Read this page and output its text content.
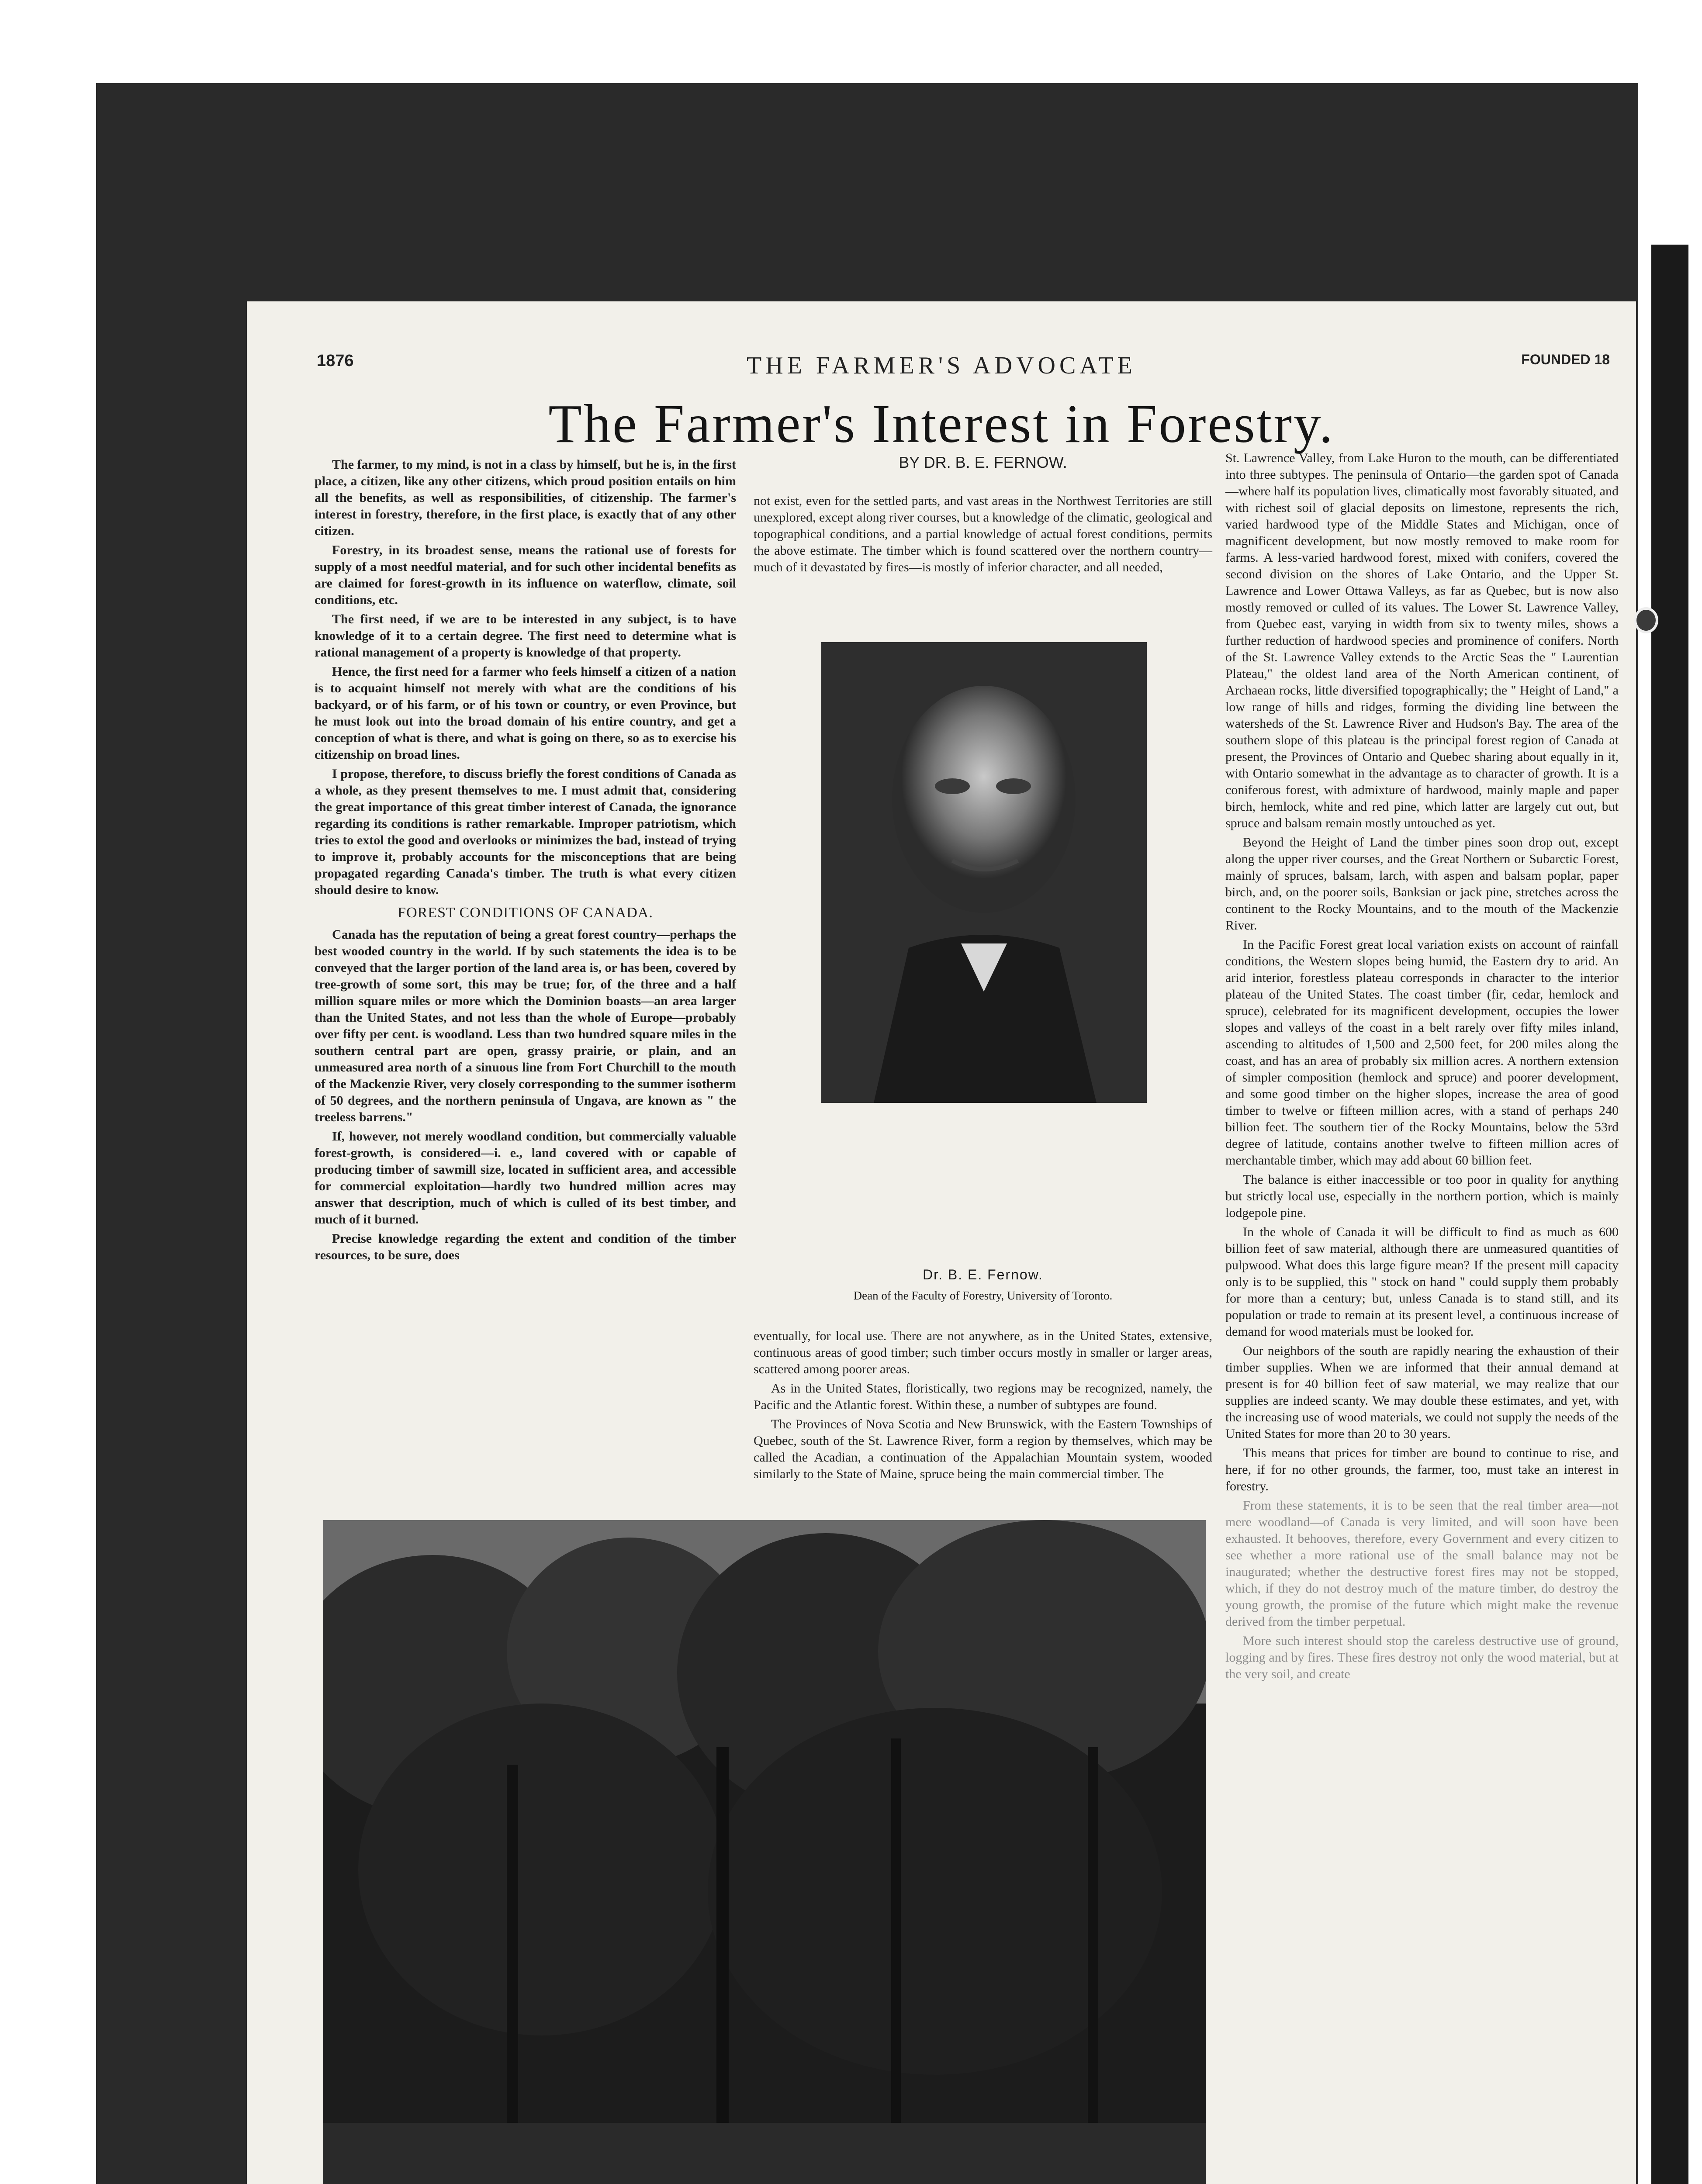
1876	THE FARMER'S ADVOCATE	FOUNDED 18
The Farmer's Interest in Forestry.

The farmer, to my mind, is not in a class by himself, but he is, in the first place, a citizen, like any other citizens, which proud position entails on him all the benefits, as well as responsibilities, of citizenship. The farmer's interest in forestry, therefore, in the first place, is exactly that of any other citizen.

Forestry, in its broadest sense, means the rational use of forests for supply of a most needful material, and for such other incidental benefits as are claimed for forest-growth in its influence on waterflow, climate, soil conditions, etc.

The first need, if we are to be interested in any subject, is to have knowledge of it to a certain degree. The first need to determine what is rational management of a property is knowledge of that property.

Hence, the first need for a farmer who feels himself a citizen of a nation is to acquaint himself not merely with what are the conditions of his backyard, or of his farm, or of his town or country, or even Province, but he must look out into the broad domain of his entire country, and get a conception of what is there, and what is going on there, so as to exercise his citizenship on broad lines.

I propose, therefore, to discuss briefly the forest conditions of Canada as a whole, as they present themselves to me. I must admit that, considering the great importance of this great timber interest of Canada, the ignorance regarding its conditions is rather remarkable. Improper patriotism, which tries to extol the good and overlooks or minimizes the bad, instead of trying to improve it, probably accounts for the misconceptions that are being propagated regarding Canada's timber. The truth is what every citizen should desire to know.

FOREST CONDITIONS OF CANADA.

Canada has the reputation of being a great forest country—perhaps the best wooded country in the world. If by such statements the idea is to be conveyed that the larger portion of the land area is, or has been, covered by tree-growth of some sort, this may be true; for, of the three and a half million square miles or more which the Dominion boasts—an area larger than the United States, and not less than the whole of Europe—probably over fifty per cent. is woodland. Less than two hundred square miles in the southern central part are open, grassy prairie, or plain, and an unmeasured area north of a sinuous line from Fort Churchill to the mouth of the Mackenzie River, very closely corresponding to the summer isotherm of 50 degrees, and the northern peninsula of Ungava, are known as " the treeless barrens."

If, however, not merely woodland condition, but commercially valuable forest-growth, is considered—i. e., land covered with or capable of producing timber of sawmill size, located in sufficient area, and accessible for commercial exploitation—hardly two hundred million acres may answer that description, much of which is culled of its best timber, and much of it burned.

Precise knowledge regarding the extent and condition of the timber resources, to be sure, does

BY DR. B. E. FERNOW.

not exist, even for the settled parts, and vast areas in the Northwest Territories are still unexplored, except along river courses, but a knowledge of the climatic, geological and topographical conditions, and a partial knowledge of actual forest conditions, permits the above estimate. The timber which is found scattered over the northern country—much of it devastated by fires—is mostly of inferior character, and all needed,

Dr. B. E. Fernow.
Dean of the Faculty of Forestry, University of Toronto.

eventually, for local use. There are not anywhere, as in the United States, extensive, continuous areas of good timber; such timber occurs mostly in smaller or larger areas, scattered among poorer areas.

As in the United States, floristically, two regions may be recognized, namely, the Pacific and the Atlantic forest. Within these, a number of subtypes are found.

The Provinces of Nova Scotia and New Brunswick, with the Eastern Townships of Quebec, south of the St. Lawrence River, form a region by themselves, which may be called the Acadian, a continuation of the Appalachian Mountain system, wooded similarly to the State of Maine, spruce being the main commercial timber. The

St. Lawrence Valley, from Lake Huron to the mouth, can be differentiated into three subtypes. The peninsula of Ontario—the garden spot of Canada—where half its population lives, climatically most favorably situated, and with richest soil of glacial deposits on limestone, represents the rich, varied hardwood type of the Middle States and Michigan, once of magnificent development, but now mostly removed to make room for farms. A less-varied hardwood forest, mixed with conifers, covered the second division on the shores of Lake Ontario, and the Upper St. Lawrence and Lower Ottawa Valleys, as far as Quebec, but is now also mostly removed or culled of its values. The Lower St. Lawrence Valley, from Quebec east, varying in width from six to twenty miles, shows a further reduction of hardwood species and prominence of conifers. North of the St. Lawrence Valley extends to the Arctic Seas the " Laurentian Plateau," the oldest land area of the North American continent, of Archaean rocks, little diversified topographically; the " Height of Land," a low range of hills and ridges, forming the dividing line between the watersheds of the St. Lawrence River and Hudson's Bay. The area of the southern slope of this plateau is the principal forest region of Canada at present, the Provinces of Ontario and Quebec sharing about equally in it, with Ontario somewhat in the advantage as to character of growth. It is a coniferous forest, with admixture of hardwood, mainly maple and paper birch, hemlock, white and red pine, which latter are largely cut out, but spruce and balsam remain mostly untouched as yet.

Beyond the Height of Land the timber pines soon drop out, except along the upper river courses, and the Great Northern or Subarctic Forest, mainly of spruces, balsam, larch, with aspen and balsam poplar, paper birch, and, on the poorer soils, Banksian or jack pine, stretches across the continent to the Rocky Mountains, and to the mouth of the Mackenzie River.

In the Pacific Forest great local variation exists on account of rainfall conditions, the Western slopes being humid, the Eastern dry to arid. An arid interior, forestless plateau corresponds in character to the interior plateau of the United States. The coast timber (fir, cedar, hemlock and spruce), celebrated for its magnificent development, occupies the lower slopes and valleys of the coast in a belt rarely over fifty miles inland, ascending to altitudes of 1,500 and 2,500 feet, for 200 miles along the coast, and has an area of probably six million acres. A northern extension of simpler composition (hemlock and spruce) and poorer development, and some good timber on the higher slopes, increase the area of good timber to twelve or fifteen million acres, with a stand of perhaps 240 billion feet. The southern tier of the Rocky Mountains, below the 53rd degree of latitude, contains another twelve to fifteen million acres of merchantable timber, which may add about 60 billion feet.

The balance is either inaccessible or too poor in quality for anything but strictly local use, especially in the northern portion, which is mainly lodgepole pine.

In the whole of Canada it will be difficult to find as much as 600 billion feet of saw material, although there are unmeasured quantities of pulpwood. What does this large figure mean? If the present mill capacity only is to be supplied, this " stock on hand " could supply them probably for more than a century; but, unless Canada is to stand still, and its population or trade to remain at its present level, a continuous increase of demand for wood materials must be looked for.

Our neighbors of the south are rapidly nearing the exhaustion of their timber supplies. When we are informed that their annual demand at present is for 40 billion feet of saw material, we may realize that our supplies are indeed scanty. We may double these estimates, and yet, with the increasing use of wood materials, we could not supply the needs of the United States for more than 20 to 30 years.

This means that prices for timber are bound to continue to rise, and here, if for no other grounds, the farmer, too, must take an interest in forestry.

From these statements, it is to be seen that the real timber area—not mere woodland—of Canada is very limited, and will soon have been exhausted. It behooves, therefore, every Government and every citizen to see whether a more rational use of the small balance may not be inaugurated; whether the destructive forest fires may not be stopped, which, if they do not destroy much of the mature timber, do destroy the young growth, the promise of the future which might make the revenue derived from the timber perpetual.

More such interest should stop the careless destructive use of ground, logging and by fires. These fires destroy not only the wood material, but at the very soil, and create
